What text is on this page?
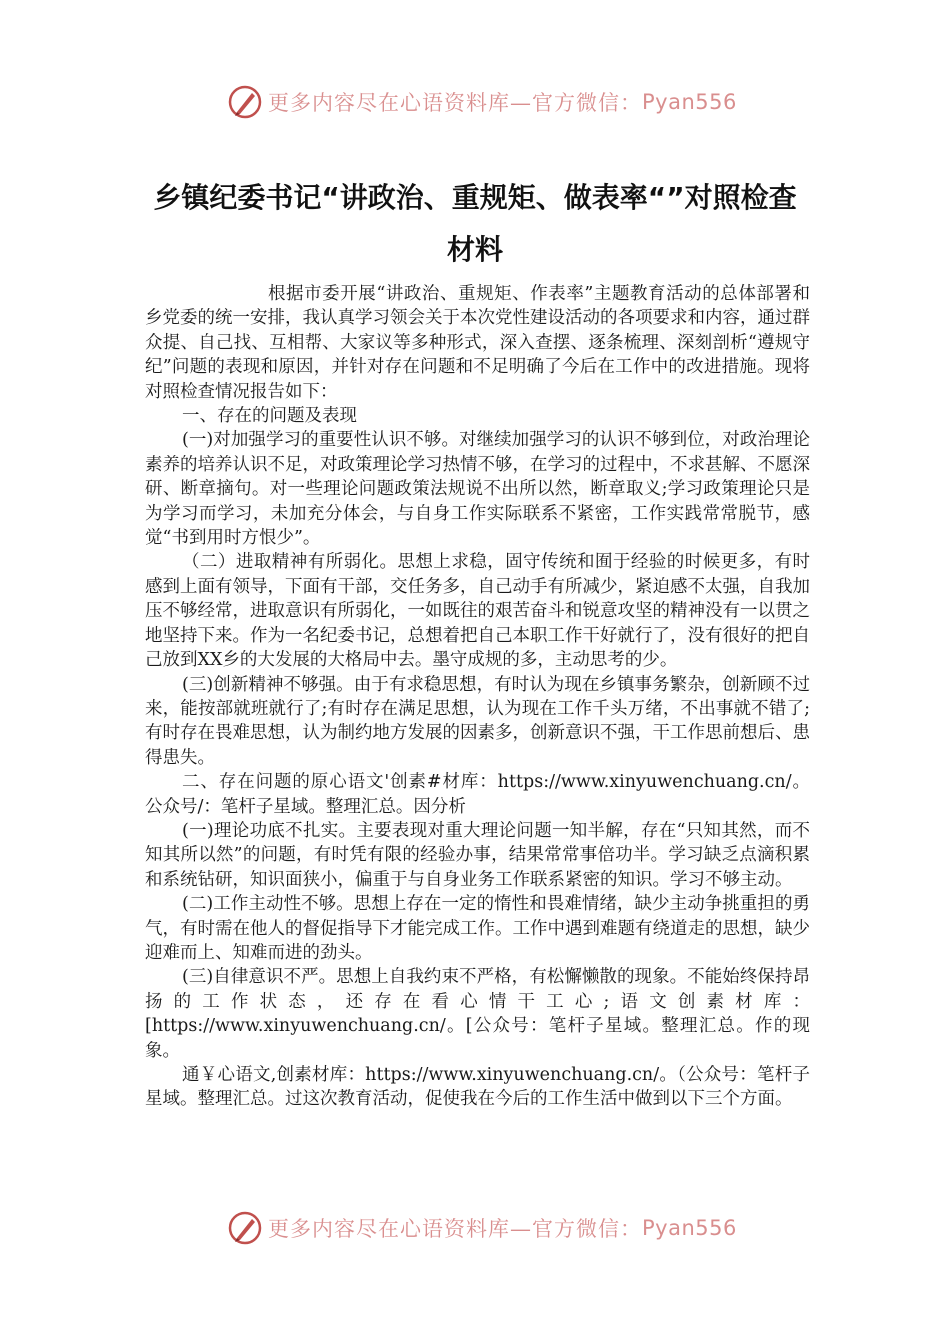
更多内容尽在心语资料库—官方微信： Pyan556
乡镇纪委书记“讲政治、重规矩、做表率“”对照检查材料

根据市委开展“讲政治、重规矩、作表率”主题教育活动的总体部署和乡党委的统一安排，我认真学习领会关于本次党性建设活动的各项要求和内容，通过群众提、自己找、互相帮、大家议等多种形式，深入查摆、逐条梳理、深刻剖析“遵规守纪”问题的表现和原因，并针对存在问题和不足明确了今后在工作中的改进措施。现将对照检查情况报告如下：

一、存在的问题及表现

(一)对加强学习的重要性认识不够。对继续加强学习的认识不够到位，对政治理论素养的培养认识不足，对政策理论学习热情不够，在学习的过程中，不求甚解、不愿深研、断章摘句。对一些理论问题政策法规说不出所以然，断章取义;学习政策理论只是为学习而学习，未加充分体会，与自身工作实际联系不紧密，工作实践常常脱节，感觉“书到用时方恨少”。

（二）进取精神有所弱化。思想上求稳，固守传统和囿于经验的时候更多，有时感到上面有领导，下面有干部，交任务多，自己动手有所减少，紧迫感不太强，自我加压不够经常，进取意识有所弱化，一如既往的艰苦奋斗和锐意攻坚的精神没有一以贯之地坚持下来。作为一名纪委书记，总想着把自己本职工作干好就行了，没有很好的把自己放到XX乡的大发展的大格局中去。墨守成规的多，主动思考的少。

(三)创新精神不够强。由于有求稳思想，有时认为现在乡镇事务繁杂，创新顾不过来，能按部就班就行了;有时存在满足思想，认为现在工作千头万绪，不出事就不错了;有时存在畏难思想，认为制约地方发展的因素多，创新意识不强，干工作思前想后、患得患失。

二、存在问题的原心语文'创素#材库：https://www.xinyuwenchuang.cn/。公众号/：笔杆子星域。整理汇总。因分析

(一)理论功底不扎实。主要表现对重大理论问题一知半解，存在“只知其然，而不知其所以然”的问题，有时凭有限的经验办事，结果常常事倍功半。学习缺乏点滴积累和系统钻研，知识面狭小，偏重于与自身业务工作联系紧密的知识。学习不够主动。

(二)工作主动性不够。思想上存在一定的惰性和畏难情绪，缺少主动争挑重担的勇气，有时需在他人的督促指导下才能完成工作。工作中遇到难题有绕道走的思想，缺少迎难而上、知难而进的劲头。

(三)自律意识不严。思想上自我约束不严格，有松懈懒散的现象。不能始终保持昂扬的工作状态，还存在看心情干工心;语文创素材库：[https://www.xinyuwenchuang.cn/。[公众号：笔杆子星域。整理汇总。作的现象。

通￥心语文,创素材库：https://www.xinyuwenchuang.cn/。（公众号：笔杆子星域。整理汇总。过这次教育活动，促使我在今后的工作生活中做到以下三个方面。

更多内容尽在心语资料库—官方微信： Pyan556
